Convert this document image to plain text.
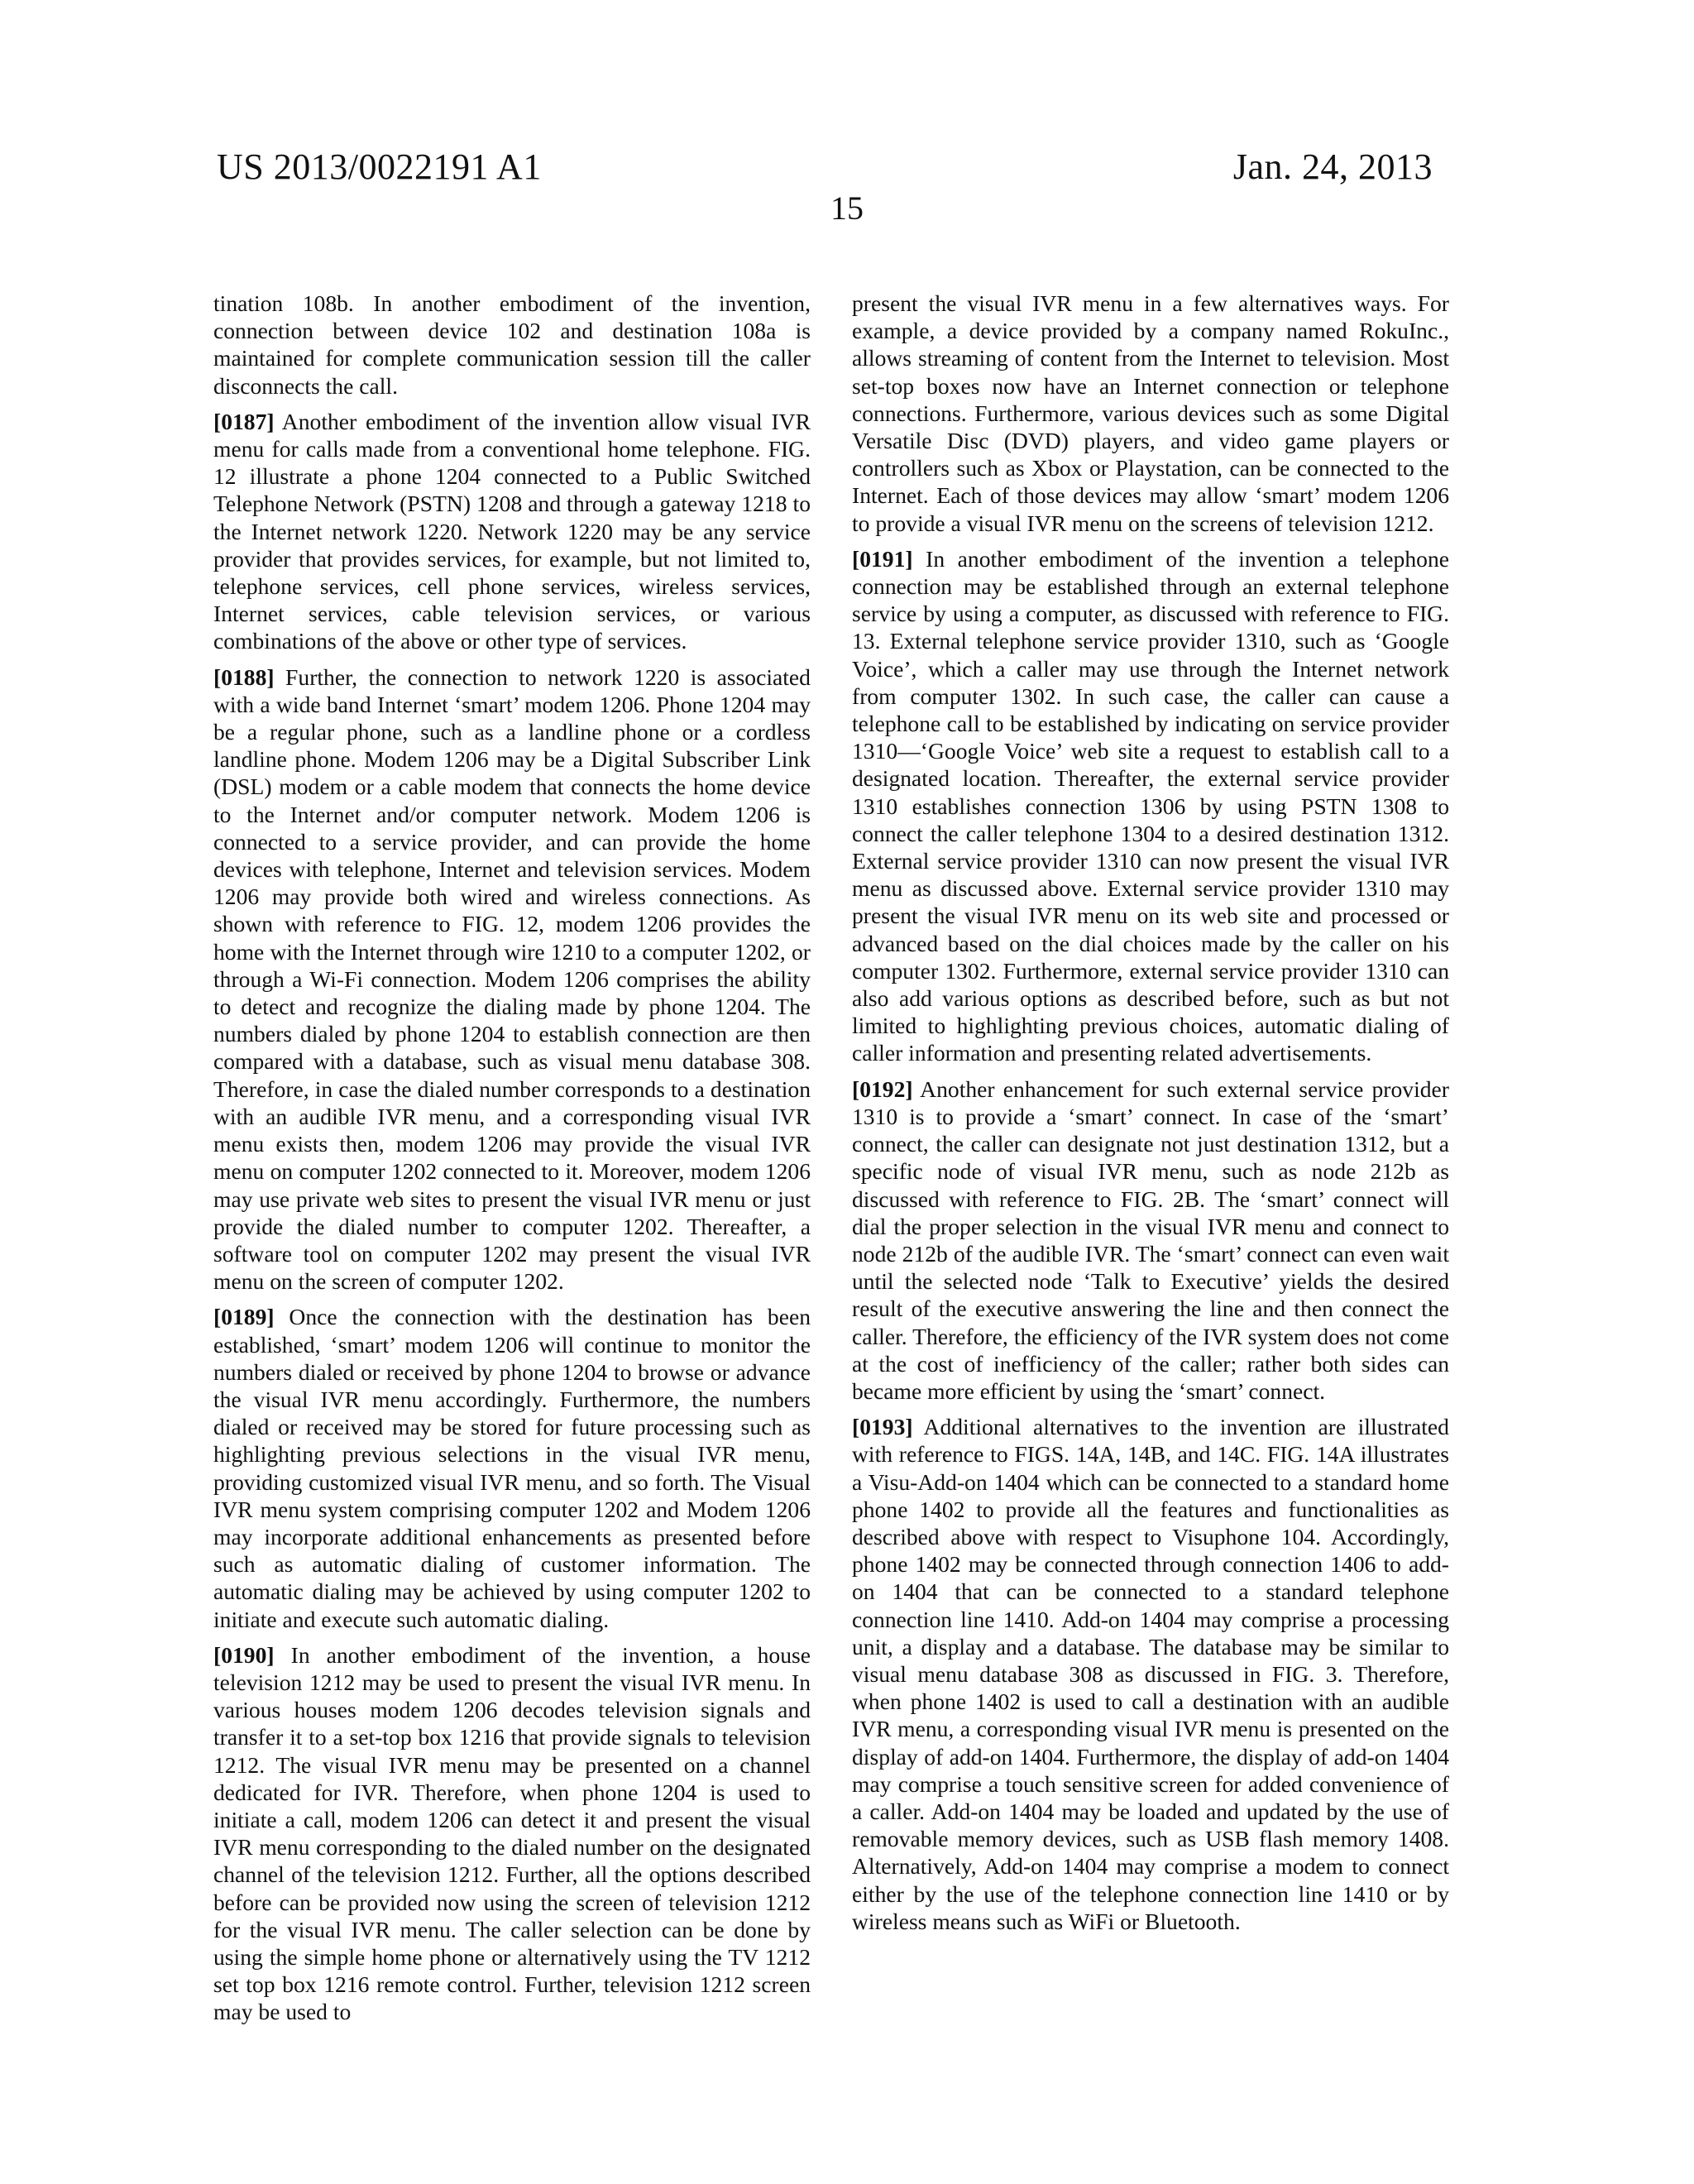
US 2013/0022191 A1	Jan. 24, 2013
15

tination 108b. In another embodiment of the invention, connection between device 102 and destination 108a is maintained for complete communication session till the caller disconnects the call.

[0187] Another embodiment of the invention allow visual IVR menu for calls made from a conventional home telephone. FIG. 12 illustrate a phone 1204 connected to a Public Switched Telephone Network (PSTN) 1208 and through a gateway 1218 to the Internet network 1220. Network 1220 may be any service provider that provides services, for example, but not limited to, telephone services, cell phone services, wireless services, Internet services, cable television services, or various combinations of the above or other type of services.

[0188] Further, the connection to network 1220 is associated with a wide band Internet ‘smart’ modem 1206. Phone 1204 may be a regular phone, such as a landline phone or a cordless landline phone. Modem 1206 may be a Digital Subscriber Link (DSL) modem or a cable modem that connects the home device to the Internet and/or computer network. Modem 1206 is connected to a service provider, and can provide the home devices with telephone, Internet and television services. Modem 1206 may provide both wired and wireless connections. As shown with reference to FIG. 12, modem 1206 provides the home with the Internet through wire 1210 to a computer 1202, or through a Wi-Fi connection. Modem 1206 comprises the ability to detect and recognize the dialing made by phone 1204. The numbers dialed by phone 1204 to establish connection are then compared with a database, such as visual menu database 308. Therefore, in case the dialed number corresponds to a destination with an audible IVR menu, and a corresponding visual IVR menu exists then, modem 1206 may provide the visual IVR menu on computer 1202 connected to it. Moreover, modem 1206 may use private web sites to present the visual IVR menu or just provide the dialed number to computer 1202. Thereafter, a software tool on computer 1202 may present the visual IVR menu on the screen of computer 1202.

[0189] Once the connection with the destination has been established, ‘smart’ modem 1206 will continue to monitor the numbers dialed or received by phone 1204 to browse or advance the visual IVR menu accordingly. Furthermore, the numbers dialed or received may be stored for future processing such as highlighting previous selections in the visual IVR menu, providing customized visual IVR menu, and so forth. The Visual IVR menu system comprising computer 1202 and Modem 1206 may incorporate additional enhancements as presented before such as automatic dialing of customer information. The automatic dialing may be achieved by using computer 1202 to initiate and execute such automatic dialing.

[0190] In another embodiment of the invention, a house television 1212 may be used to present the visual IVR menu. In various houses modem 1206 decodes television signals and transfer it to a set-top box 1216 that provide signals to television 1212. The visual IVR menu may be presented on a channel dedicated for IVR. Therefore, when phone 1204 is used to initiate a call, modem 1206 can detect it and present the visual IVR menu corresponding to the dialed number on the designated channel of the television 1212. Further, all the options described before can be provided now using the screen of television 1212 for the visual IVR menu. The caller selection can be done by using the simple home phone or alternatively using the TV 1212 set top box 1216 remote control. Further, television 1212 screen may be used to

present the visual IVR menu in a few alternatives ways. For example, a device provided by a company named RokuInc., allows streaming of content from the Internet to television. Most set-top boxes now have an Internet connection or telephone connections. Furthermore, various devices such as some Digital Versatile Disc (DVD) players, and video game players or controllers such as Xbox or Playstation, can be connected to the Internet. Each of those devices may allow ‘smart’ modem 1206 to provide a visual IVR menu on the screens of television 1212.

[0191] In another embodiment of the invention a telephone connection may be established through an external telephone service by using a computer, as discussed with reference to FIG. 13. External telephone service provider 1310, such as ‘Google Voice’, which a caller may use through the Internet network from computer 1302. In such case, the caller can cause a telephone call to be established by indicating on service provider 1310—‘Google Voice’ web site a request to establish call to a designated location. Thereafter, the external service provider 1310 establishes connection 1306 by using PSTN 1308 to connect the caller telephone 1304 to a desired destination 1312. External service provider 1310 can now present the visual IVR menu as discussed above. External service provider 1310 may present the visual IVR menu on its web site and processed or advanced based on the dial choices made by the caller on his computer 1302. Furthermore, external service provider 1310 can also add various options as described before, such as but not limited to highlighting previous choices, automatic dialing of caller information and presenting related advertisements.

[0192] Another enhancement for such external service provider 1310 is to provide a ‘smart’ connect. In case of the ‘smart’ connect, the caller can designate not just destination 1312, but a specific node of visual IVR menu, such as node 212b as discussed with reference to FIG. 2B. The ‘smart’ connect will dial the proper selection in the visual IVR menu and connect to node 212b of the audible IVR. The ‘smart’ connect can even wait until the selected node ‘Talk to Executive’ yields the desired result of the executive answering the line and then connect the caller. Therefore, the efficiency of the IVR system does not come at the cost of inefficiency of the caller; rather both sides can became more efficient by using the ‘smart’ connect.

[0193] Additional alternatives to the invention are illustrated with reference to FIGS. 14A, 14B, and 14C. FIG. 14A illustrates a Visu-Add-on 1404 which can be connected to a standard home phone 1402 to provide all the features and functionalities as described above with respect to Visuphone 104. Accordingly, phone 1402 may be connected through connection 1406 to add-on 1404 that can be connected to a standard telephone connection line 1410. Add-on 1404 may comprise a processing unit, a display and a database. The database may be similar to visual menu database 308 as discussed in FIG. 3. Therefore, when phone 1402 is used to call a destination with an audible IVR menu, a corresponding visual IVR menu is presented on the display of add-on 1404. Furthermore, the display of add-on 1404 may comprise a touch sensitive screen for added convenience of a caller. Add-on 1404 may be loaded and updated by the use of removable memory devices, such as USB flash memory 1408. Alternatively, Add-on 1404 may comprise a modem to connect either by the use of the telephone connection line 1410 or by wireless means such as WiFi or Bluetooth.
